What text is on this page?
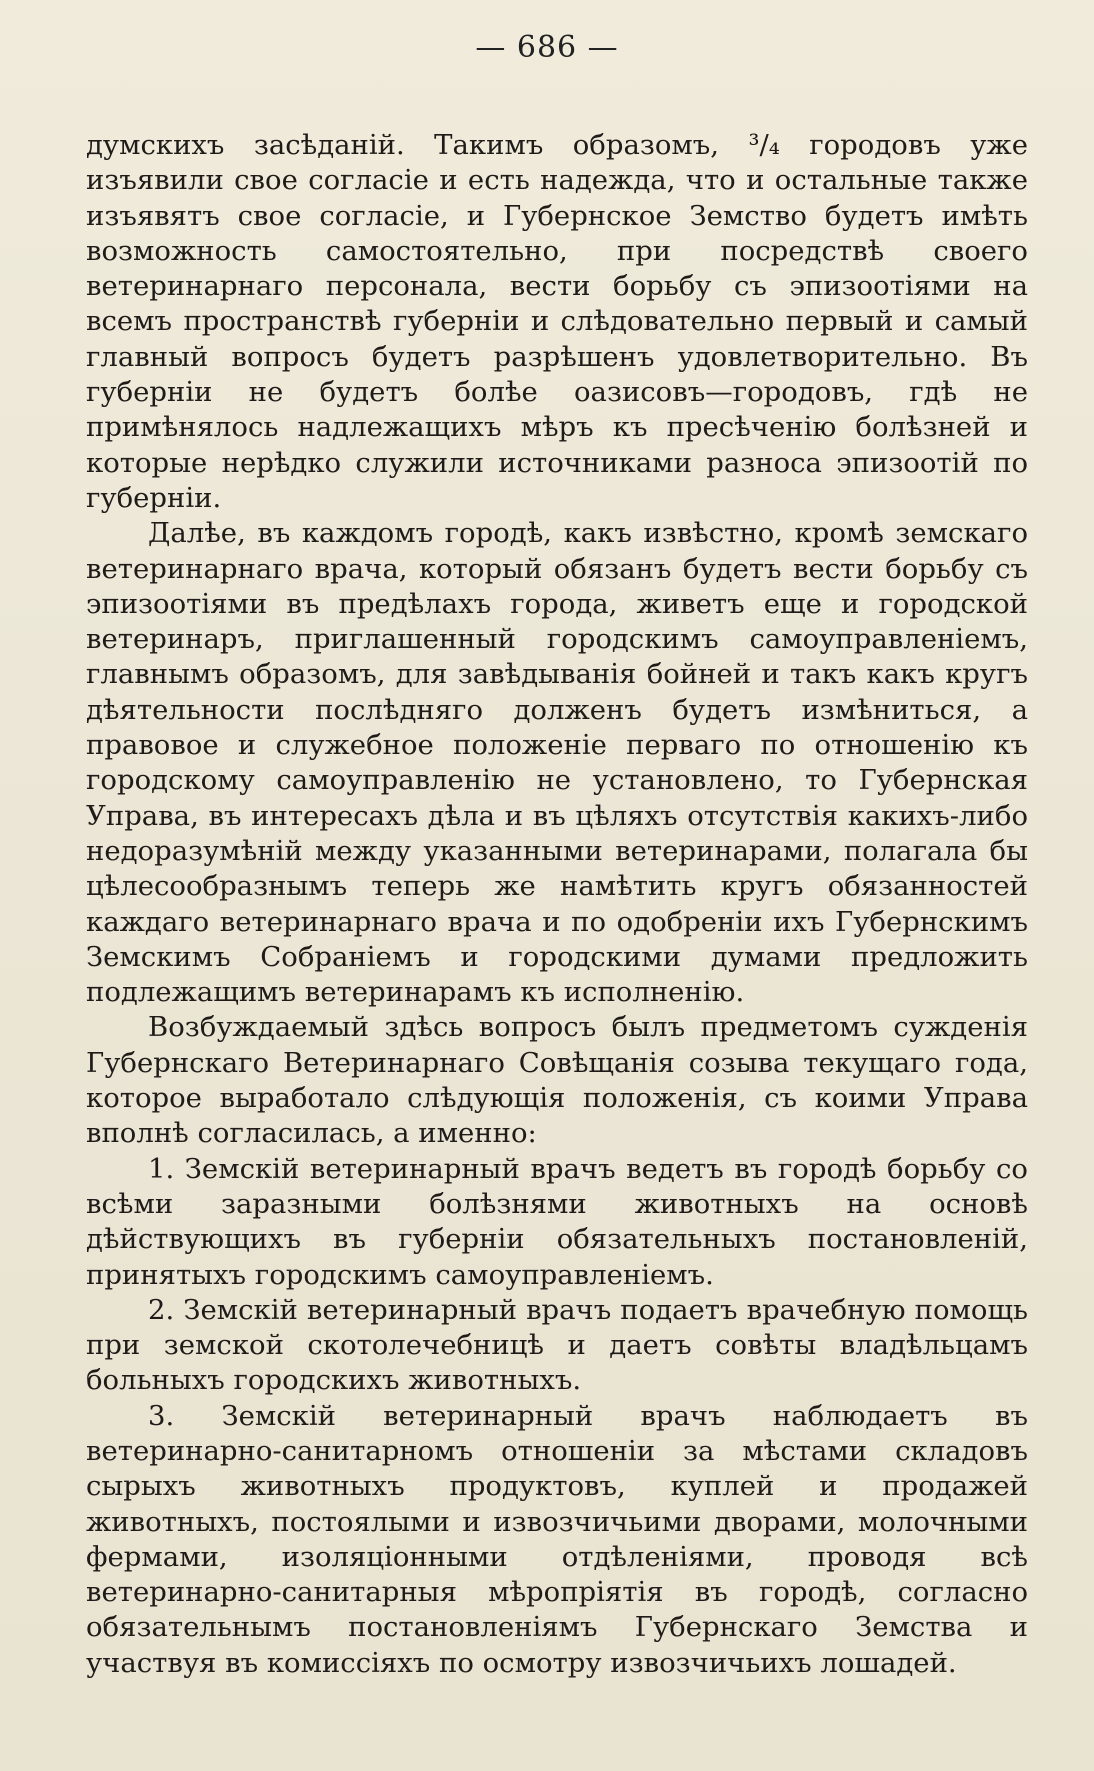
— 686 —

думскихъ засѣданій. Такимъ образомъ, ³/₄ городовъ уже изъявили свое согласіе и есть надежда, что и остальные также изъявятъ свое согласіе, и Губернское Земство будетъ имѣть возможность самостоятельно, при посредствѣ своего ветеринарнаго персонала, вести борьбу съ эпизоотіями на всемъ пространствѣ губерніи и слѣдовательно первый и самый главный вопросъ будетъ разрѣшенъ удовлетворительно. Въ губерніи не будетъ болѣе оазисовъ—городовъ, гдѣ не примѣнялось надлежащихъ мѣръ къ пресѣченію болѣзней и которые нерѣдко служили источниками разноса эпизоотій по губерніи.

Далѣе, въ каждомъ городѣ, какъ извѣстно, кромѣ земскаго ветеринарнаго врача, который обязанъ будетъ вести борьбу съ эпизоотіями въ предѣлахъ города, живетъ еще и городской ветеринаръ, приглашенный городскимъ самоуправленіемъ, главнымъ образомъ, для завѣдыванія бойней и такъ какъ кругъ дѣятельности послѣдняго долженъ будетъ измѣниться, а правовое и служебное положеніе перваго по отношенію къ городскому самоуправленію не установлено, то Губернская Управа, въ интересахъ дѣла и въ цѣляхъ отсутствія какихъ-либо недоразумѣній между указанными ветеринарами, полагала бы цѣлесообразнымъ теперь же намѣтить кругъ обязанностей каждаго ветеринарнаго врача и по одобреніи ихъ Губернскимъ Земскимъ Собраніемъ и городскими думами предложить подлежащимъ ветеринарамъ къ исполненію.

Возбуждаемый здѣсь вопросъ былъ предметомъ сужденія Губернскаго Ветеринарнаго Совѣщанія созыва текущаго года, которое выработало слѣдующія положенія, съ коими Управа вполнѣ согласилась, а именно:

1. Земскій ветеринарный врачъ ведетъ въ городѣ борьбу со всѣми заразными болѣзнями животныхъ на основѣ дѣйствующихъ въ губерніи обязательныхъ постановленій, принятыхъ городскимъ самоуправленіемъ.

2. Земскій ветеринарный врачъ подаетъ врачебную помощь при земской скотолечебницѣ и даетъ совѣты владѣльцамъ больныхъ городскихъ животныхъ.

3. Земскій ветеринарный врачъ наблюдаетъ въ ветеринарно-санитарномъ отношеніи за мѣстами складовъ сырыхъ животныхъ продуктовъ, куплей и продажей животныхъ, постоялыми и извозчичьими дворами, молочными фермами, изоляціонными отдѣленіями, проводя всѣ ветеринарно-санитарныя мѣропріятія въ городѣ, согласно обязательнымъ постановленіямъ Губернскаго Земства и участвуя въ комиссіяхъ по осмотру извозчичьихъ лошадей.
